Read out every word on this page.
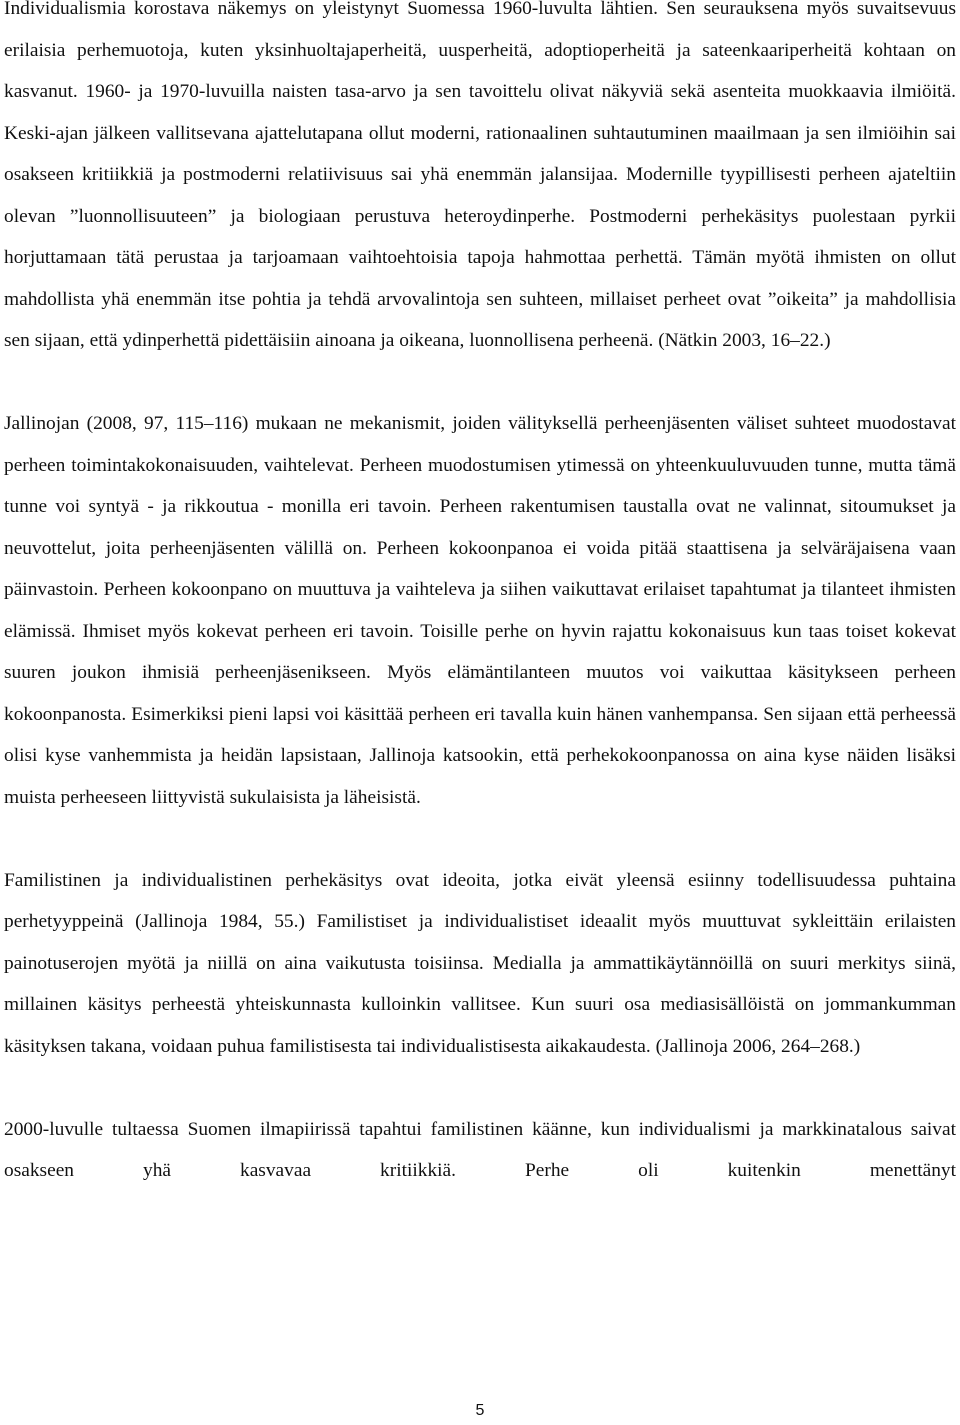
Individualismia korostava näkemys on yleistynyt Suomessa 1960-luvulta lähtien. Sen seurauksena myös suvaitsevuus erilaisia perhemuotoja, kuten yksinhuoltajaperheitä, uusperheitä, adoptioperheitä ja sateenkaariperheitä kohtaan on kasvanut. 1960- ja 1970-luvuilla naisten tasa-arvo ja sen tavoittelu olivat näkyviä sekä asenteita muokkaavia ilmiöitä. Keski-ajan jälkeen vallitsevana ajattelutapana ollut moderni, rationaalinen suhtautuminen maailmaan ja sen ilmiöihin sai osakseen kritiikkiä ja postmoderni relatiivisuus sai yhä enemmän jalansijaa. Modernille tyypillisesti perheen ajateltiin olevan ”luonnollisuuteen” ja biologiaan perustuva heteroydinperhe. Postmoderni perhekäsitys puolestaan pyrkii horjuttamaan tätä perustaa ja tarjoamaan vaihtoehtoisia tapoja hahmottaa perhettä. Tämän myötä ihmisten on ollut mahdollista yhä enemmän itse pohtia ja tehdä arvovalintoja sen suhteen, millaiset perheet ovat ”oikeita” ja mahdollisia sen sijaan, että ydinperhettä pidettäisiin ainoana ja oikeana, luonnollisena perheenä. (Nätkin 2003, 16–22.)

Jallinojan (2008, 97, 115–116) mukaan ne mekanismit, joiden välityksellä perheenjäsenten väliset suhteet muodostavat perheen toimintakokonaisuuden, vaihtelevat. Perheen muodostumisen ytimessä on yhteenkuuluvuuden tunne, mutta tämä tunne voi syntyä - ja rikkoutua - monilla eri tavoin. Perheen rakentumisen taustalla ovat ne valinnat, sitoumukset ja neuvottelut, joita perheenjäsenten välillä on. Perheen kokoonpanoa ei voida pitää staattisena ja selväräjaisena vaan päinvastoin. Perheen kokoonpano on muuttuva ja vaihteleva ja siihen vaikuttavat erilaiset tapahtumat ja tilanteet ihmisten elämissä. Ihmiset myös kokevat perheen eri tavoin. Toisille perhe on hyvin rajattu kokonaisuus kun taas toiset kokevat suuren joukon ihmisiä perheenjäsenikseen. Myös elämäntilanteen muutos voi vaikuttaa käsitykseen perheen kokoonpanosta. Esimerkiksi pieni lapsi voi käsittää perheen eri tavalla kuin hänen vanhempansa. Sen sijaan että perheessä olisi kyse vanhemmista ja heidän lapsistaan, Jallinoja katsookin, että perhekokoonpanossa on aina kyse näiden lisäksi muista perheeseen liittyvistä sukulaisista ja läheisistä.

Familistinen ja individualistinen perhekäsitys ovat ideoita, jotka eivät yleensä esiinny todellisuudessa puhtaina perhetyyppeinä (Jallinoja 1984, 55.) Familistiset ja individualistiset ideaalit myös muuttuvat sykleittäin erilaisten painotuserojen myötä ja niillä on aina vaikutusta toisiinsa. Medialla ja ammattikäytännöillä on suuri merkitys siinä, millainen käsitys perheestä yhteiskunnasta kulloinkin vallitsee. Kun suuri osa mediasisällöistä on jommankumman käsityksen takana, voidaan puhua familistisesta tai individualistisesta aikakaudesta. (Jallinoja 2006, 264–268.)

2000-luvulle tultaessa Suomen ilmapiirissä tapahtui familistinen käänne, kun individualismi ja markkinatalous saivat osakseen yhä kasvavaa kritiikkiä. Perhe oli kuitenkin menettänyt

5
